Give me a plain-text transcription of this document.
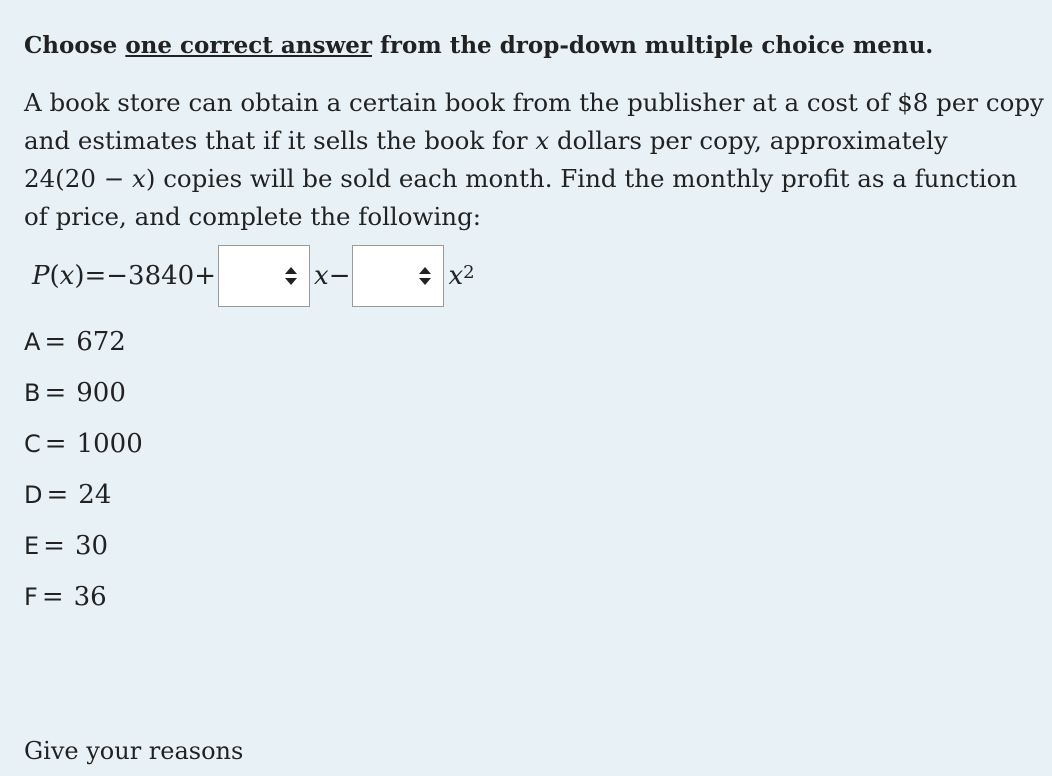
Choose one correct answer from the drop-down multiple choice menu.

A book store can obtain a certain book from the publisher at a cost of $8 per copy
and estimates that if it sells the book for x dollars per copy, approximately
24(20 − x) copies will be sold each month. Find the monthly profit as a function
of price, and complete the following:

P ( x ) =−3840+	x −	$x^2$
A = 672
B = 900
C = 1000
D = 24
E = 30
F = 36
Give your reasons
